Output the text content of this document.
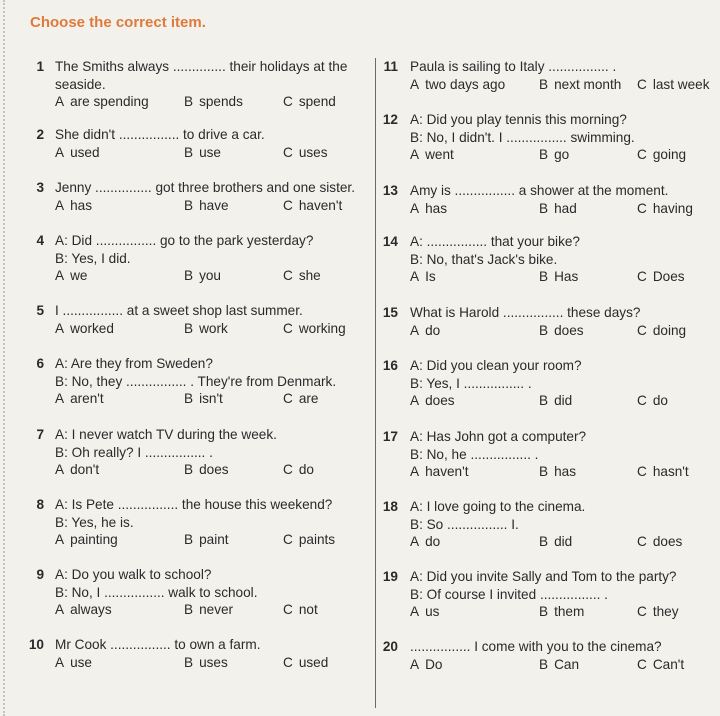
Choose the correct item.
1 The Smiths always .............. their holidays at the
seaside.
A are spending	B spends	C spend
2 She didn't ................ to drive a car.
A used	B use	C uses
3 Jenny ............... got three brothers and one sister.
A has	B have	C haven't
4 A: Did ................ go to the park yesterday?
B: Yes, I did.
A we	B you	C she
5 I ................ at a sweet shop last summer.
A worked	B work	C working
6 A: Are they from Sweden?
B: No, they ................ . They're from Denmark.
A aren't	B isn't	C are
7 A: I never watch TV during the week.
B: Oh really? I ................ .
A don't	B does	C do
8 A: Is Pete ................ the house this weekend?
B: Yes, he is.
A painting	B paint	C paints
9 A: Do you walk to school?
B: No, I ................ walk to school.
A always	B never	C not
10 Mr Cook ................ to own a farm.
A use	B uses	C used
11 Paula is sailing to Italy ................ .
A two days ago B next month C last week
12 A: Did you play tennis this morning?
B: No, I didn't. I ................ swimming.
A went	B go	C going
13 Amy is ................ a shower at the moment.
A has	B had	C having
14 A: ................ that your bike?
B: No, that's Jack's bike.
A Is	B Has	C Does
15 What is Harold ................ these days?
A do	B does	C doing
16 A: Did you clean your room?
B: Yes, I ................ .
A does	B did	C do
17 A: Has John got a computer?
B: No, he ................ .
A haven't	B has	C hasn't
18 A: I love going to the cinema.
B: So ................ I.
A do	B did	C does
19 A: Did you invite Sally and Tom to the party?
B: Of course I invited ................ .
A us	B them	C they
20 ................ I come with you to the cinema?
A Do	B Can	C Can't
